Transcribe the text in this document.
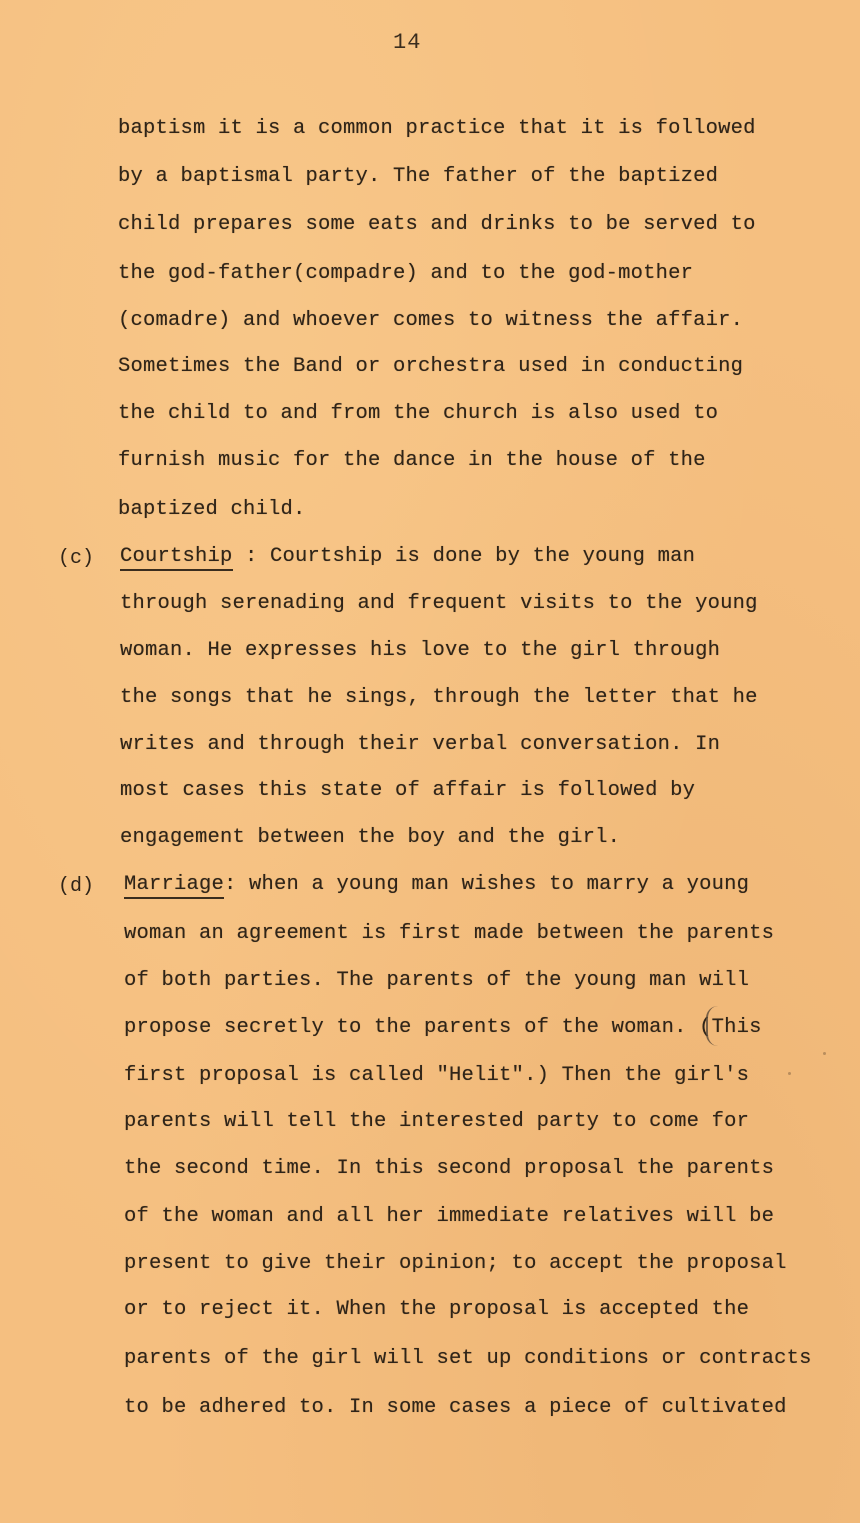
14
baptism it is a common practice that it is followed
by a baptismal party. The father of the baptized
child prepares some eats and drinks to be served to
the god-father(compadre) and to the god-mother
(comadre) and whoever comes to witness the affair.
Sometimes the Band or orchestra used in conducting
the child to and from the church is also used to
furnish music for the dance in the house of the
baptized child.
(c) Courtship : Courtship is done by the young man
through serenading and frequent visits to the young
woman. He expresses his love to the girl through
the songs that he sings, through the letter that he
writes and through their verbal conversation. In
most cases this state of affair is followed by
engagement between the boy and the girl.
(d) Marriage: when a young man wishes to marry a young
woman an agreement is first made between the parents
of both parties. The parents of the young man will
propose secretly to the parents of the woman. (This
first proposal is called "Helit".) Then the girl's
parents will tell the interested party to come for
the second time. In this second proposal the parents
of the woman and all her immediate relatives will be
present to give their opinion; to accept the proposal
or to reject it. When the proposal is accepted the
parents of the girl will set up conditions or contracts
to be adhered to. In some cases a piece of cultivated
